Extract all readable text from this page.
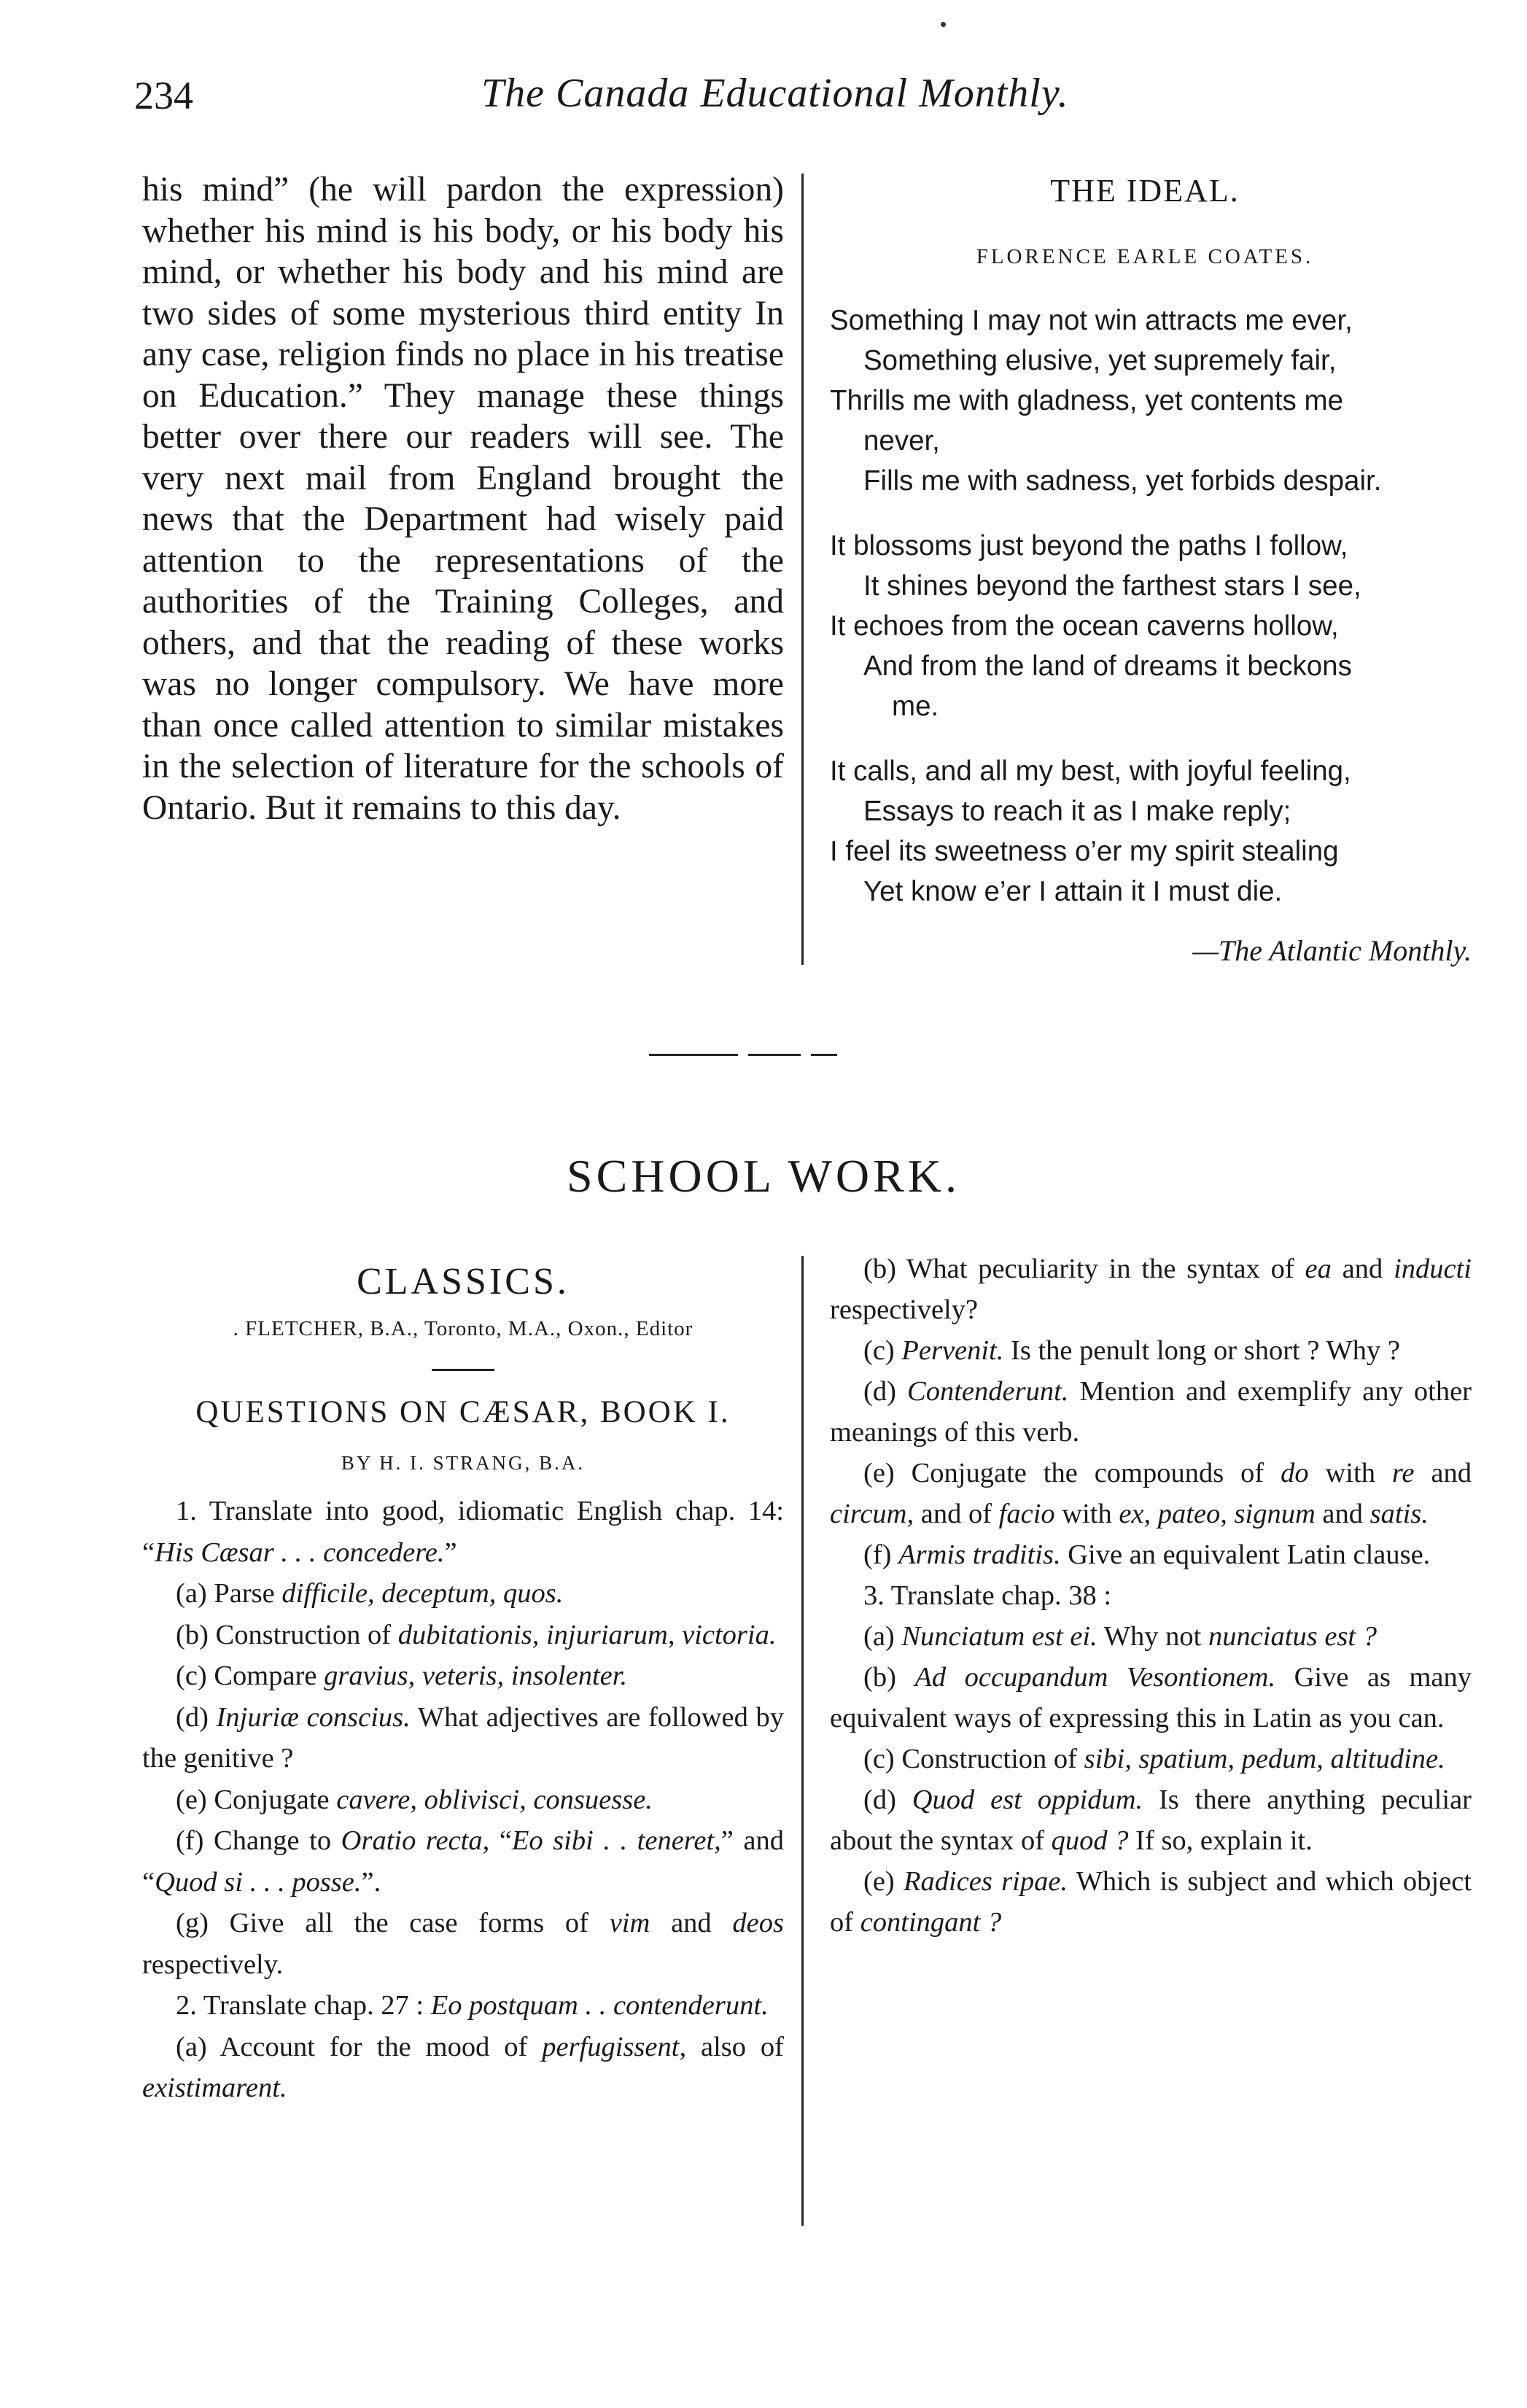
234	The Canada Educational Monthly.

his mind” (he will pardon the expression) whether his mind is his body, or his body his mind, or whether his body and his mind are two sides of some mysterious third entity In any case, religion finds no place in his treatise on Education.” They manage these things better over there our readers will see. The very next mail from England brought the news that the Department had wisely paid attention to the representations of the authorities of the Training Colleges, and others, and that the reading of these works was no longer compulsory. We have more than once called attention to similar mistakes in the selection of literature for the schools of Ontario. But it remains to this day.

THE IDEAL.
FLORENCE EARLE COATES.
Something I may not win attracts me ever,
Something elusive, yet supremely fair,
Thrills me with gladness, yet contents me
never,
Fills me with sadness, yet forbids despair.
It blossoms just beyond the paths I follow,
It shines beyond the farthest stars I see,
It echoes from the ocean caverns hollow,
And from the land of dreams it beckons
me.
It calls, and all my best, with joyful feeling,
Essays to reach it as I make reply;
I feel its sweetness o’er my spirit stealing
Yet know e’er I attain it I must die.
—The Atlantic Monthly.
SCHOOL WORK.
CLASSICS.
. FLETCHER, B.A., Toronto, M.A., Oxon., Editor
QUESTIONS ON CÆSAR, BOOK I.
BY H. I. STRANG, B.A.

1. Translate into good, idiomatic English chap. 14: “His Cæsar . . . concedere.”

(a) Parse difficile, deceptum, quos.

(b) Construction of dubitationis, injuriarum, victoria.

(c) Compare gravius, veteris, insolenter.

(d) Injuriæ conscius. What adjectives are followed by the genitive ?

(e) Conjugate cavere, oblivisci, consuesse.

(f) Change to Oratio recta, “Eo sibi . . teneret,” and “Quod si . . . posse.”.

(g) Give all the case forms of vim and deos respectively.

2. Translate chap. 27 : Eo postquam . . contenderunt.

(a) Account for the mood of perfugissent, also of existimarent.

(b) What peculiarity in the syntax of ea and inducti respectively?

(c) Pervenit. Is the penult long or short ? Why ?

(d) Contenderunt. Mention and exemplify any other meanings of this verb.

(e) Conjugate the compounds of do with re and circum, and of facio with ex, pateo, signum and satis.

(f) Armis traditis. Give an equivalent Latin clause.

3. Translate chap. 38 :

(a) Nunciatum est ei. Why not nunciatus est ?

(b) Ad occupandum Vesontionem. Give as many equivalent ways of expressing this in Latin as you can.

(c) Construction of sibi, spatium, pedum, altitudine.

(d) Quod est oppidum. Is there anything peculiar about the syntax of quod ? If so, explain it.

(e) Radices ripae. Which is subject and which object of contingant ?
